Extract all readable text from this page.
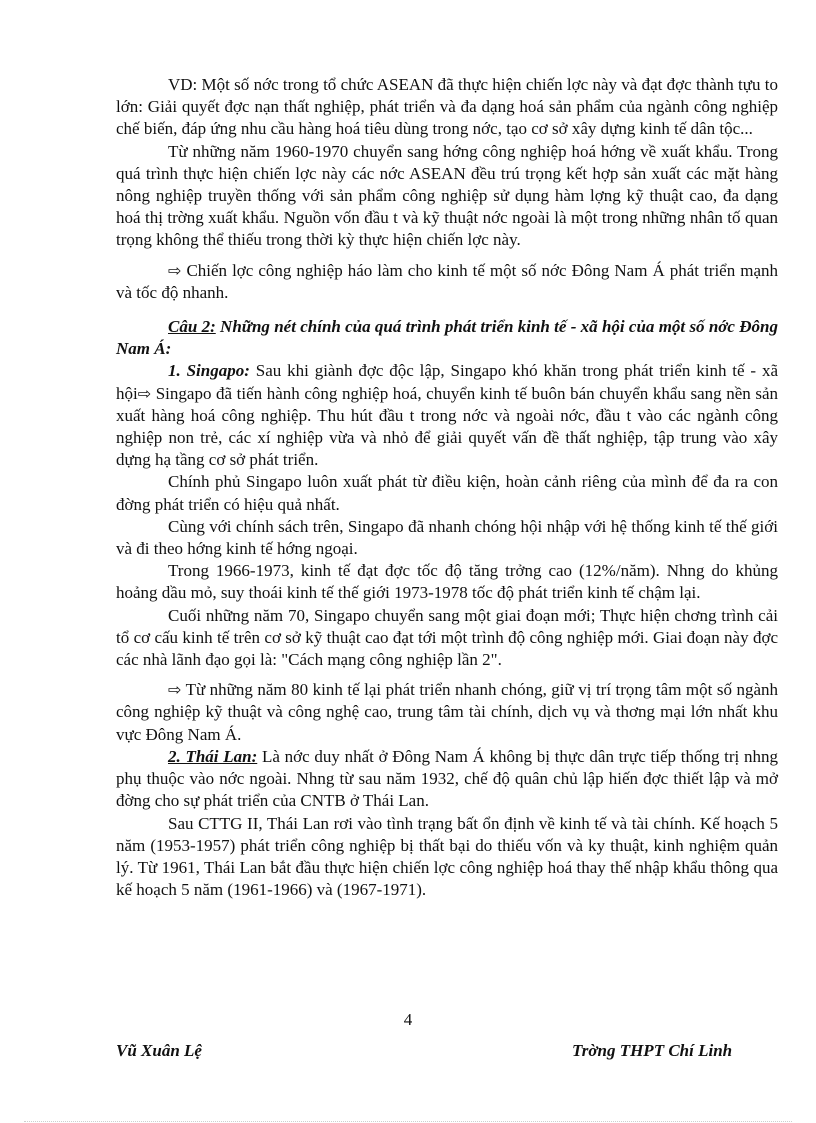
VD: Một số nớc trong tổ chức ASEAN đã thực hiện chiến lợc này và đạt đợc thành tựu to lớn: Giải quyết đợc nạn thất nghiệp, phát triển và đa dạng hoá sản phẩm của ngành công nghiệp chế biến, đáp ứng nhu cầu hàng hoá tiêu dùng trong nớc, tạo cơ sở xây dựng kinh tế dân tộc...

Từ những năm 1960-1970 chuyển sang hớng công nghiệp hoá hớng về xuất khẩu. Trong quá trình thực hiện chiến lợc này các nớc ASEAN đều trú trọng kết hợp sản xuất các mặt hàng nông nghiệp truyền thống với sản phẩm công nghiệp sử dụng hàm lợng kỹ thuật cao, đa dạng hoá thị trờng xuất khẩu. Nguồn vốn đầu t và kỹ thuật nớc ngoài là một trong những nhân tố quan trọng không thể thiếu trong thời kỳ thực hiện chiến lợc này.

⇨ Chiến lợc công nghiệp háo làm cho kinh tế một số nớc Đông Nam Á phát triển mạnh và tốc độ nhanh.

Câu 2: Những nét chính của quá trình phát triển kinh tế - xã hội của một số nớc Đông Nam Á:

1. Singapo: Sau khi giành đợc độc lập, Singapo khó khăn trong phát triển kinh tế - xã hội⇨ Singapo đã tiến hành công nghiệp hoá, chuyển kinh tế buôn bán chuyển khẩu sang nền sản xuất hàng hoá công nghiệp. Thu hút đầu t trong nớc và ngoài nớc, đầu t vào các ngành công nghiệp non trẻ, các xí nghiệp vừa và nhỏ để giải quyết vấn đề thất nghiệp, tập trung vào xây dựng hạ tầng cơ sở phát triển.

Chính phủ Singapo luôn xuất phát từ điều kiện, hoàn cảnh riêng của mình để đa ra con đờng phát triển có hiệu quả nhất.

Cùng với chính sách trên, Singapo đã nhanh chóng hội nhập với hệ thống kinh tế thế giới và đi theo hớng kinh tế hớng ngoại.

Trong 1966-1973, kinh tế đạt đợc tốc độ tăng trởng cao (12%/năm). Nhng do khủng hoảng dầu mỏ, suy thoái kinh tế thế giới 1973-1978 tốc độ phát triển kinh tế chậm lại.

Cuối những năm 70, Singapo chuyển sang một giai đoạn mới; Thực hiện chơng trình cải tổ cơ cấu kinh tế trên cơ sở kỹ thuật cao đạt tới một trình độ công nghiệp mới. Giai đoạn này đợc các nhà lãnh đạo gọi là: "Cách mạng công nghiệp lần 2".

⇨ Từ những năm 80 kinh tế lại phát triển nhanh chóng, giữ vị trí trọng tâm một số ngành công nghiệp kỹ thuật và công nghệ cao, trung tâm tài chính, dịch vụ và thơng mại lớn nhất khu vực Đông Nam Á.

2. Thái Lan: Là nớc duy nhất ở Đông Nam Á không bị thực dân trực tiếp thống trị nhng phụ thuộc vào nớc ngoài. Nhng từ sau năm 1932, chế độ quân chủ lập hiến đợc thiết lập và mở đờng cho sự phát triển của CNTB ở Thái Lan.

Sau CTTG II, Thái Lan rơi vào tình trạng bất ổn định về kinh tế và tài chính. Kế hoạch 5 năm (1953-1957) phát triển công nghiệp bị thất bại do thiếu vốn và ky thuật, kinh nghiệm quản lý. Từ 1961, Thái Lan bắt đầu thực hiện chiến lợc công nghiệp hoá thay thế nhập khẩu thông qua kế hoạch 5 năm (1961-1966) và (1967-1971).

4
Vũ Xuân Lệ	Trờng THPT Chí Linh
